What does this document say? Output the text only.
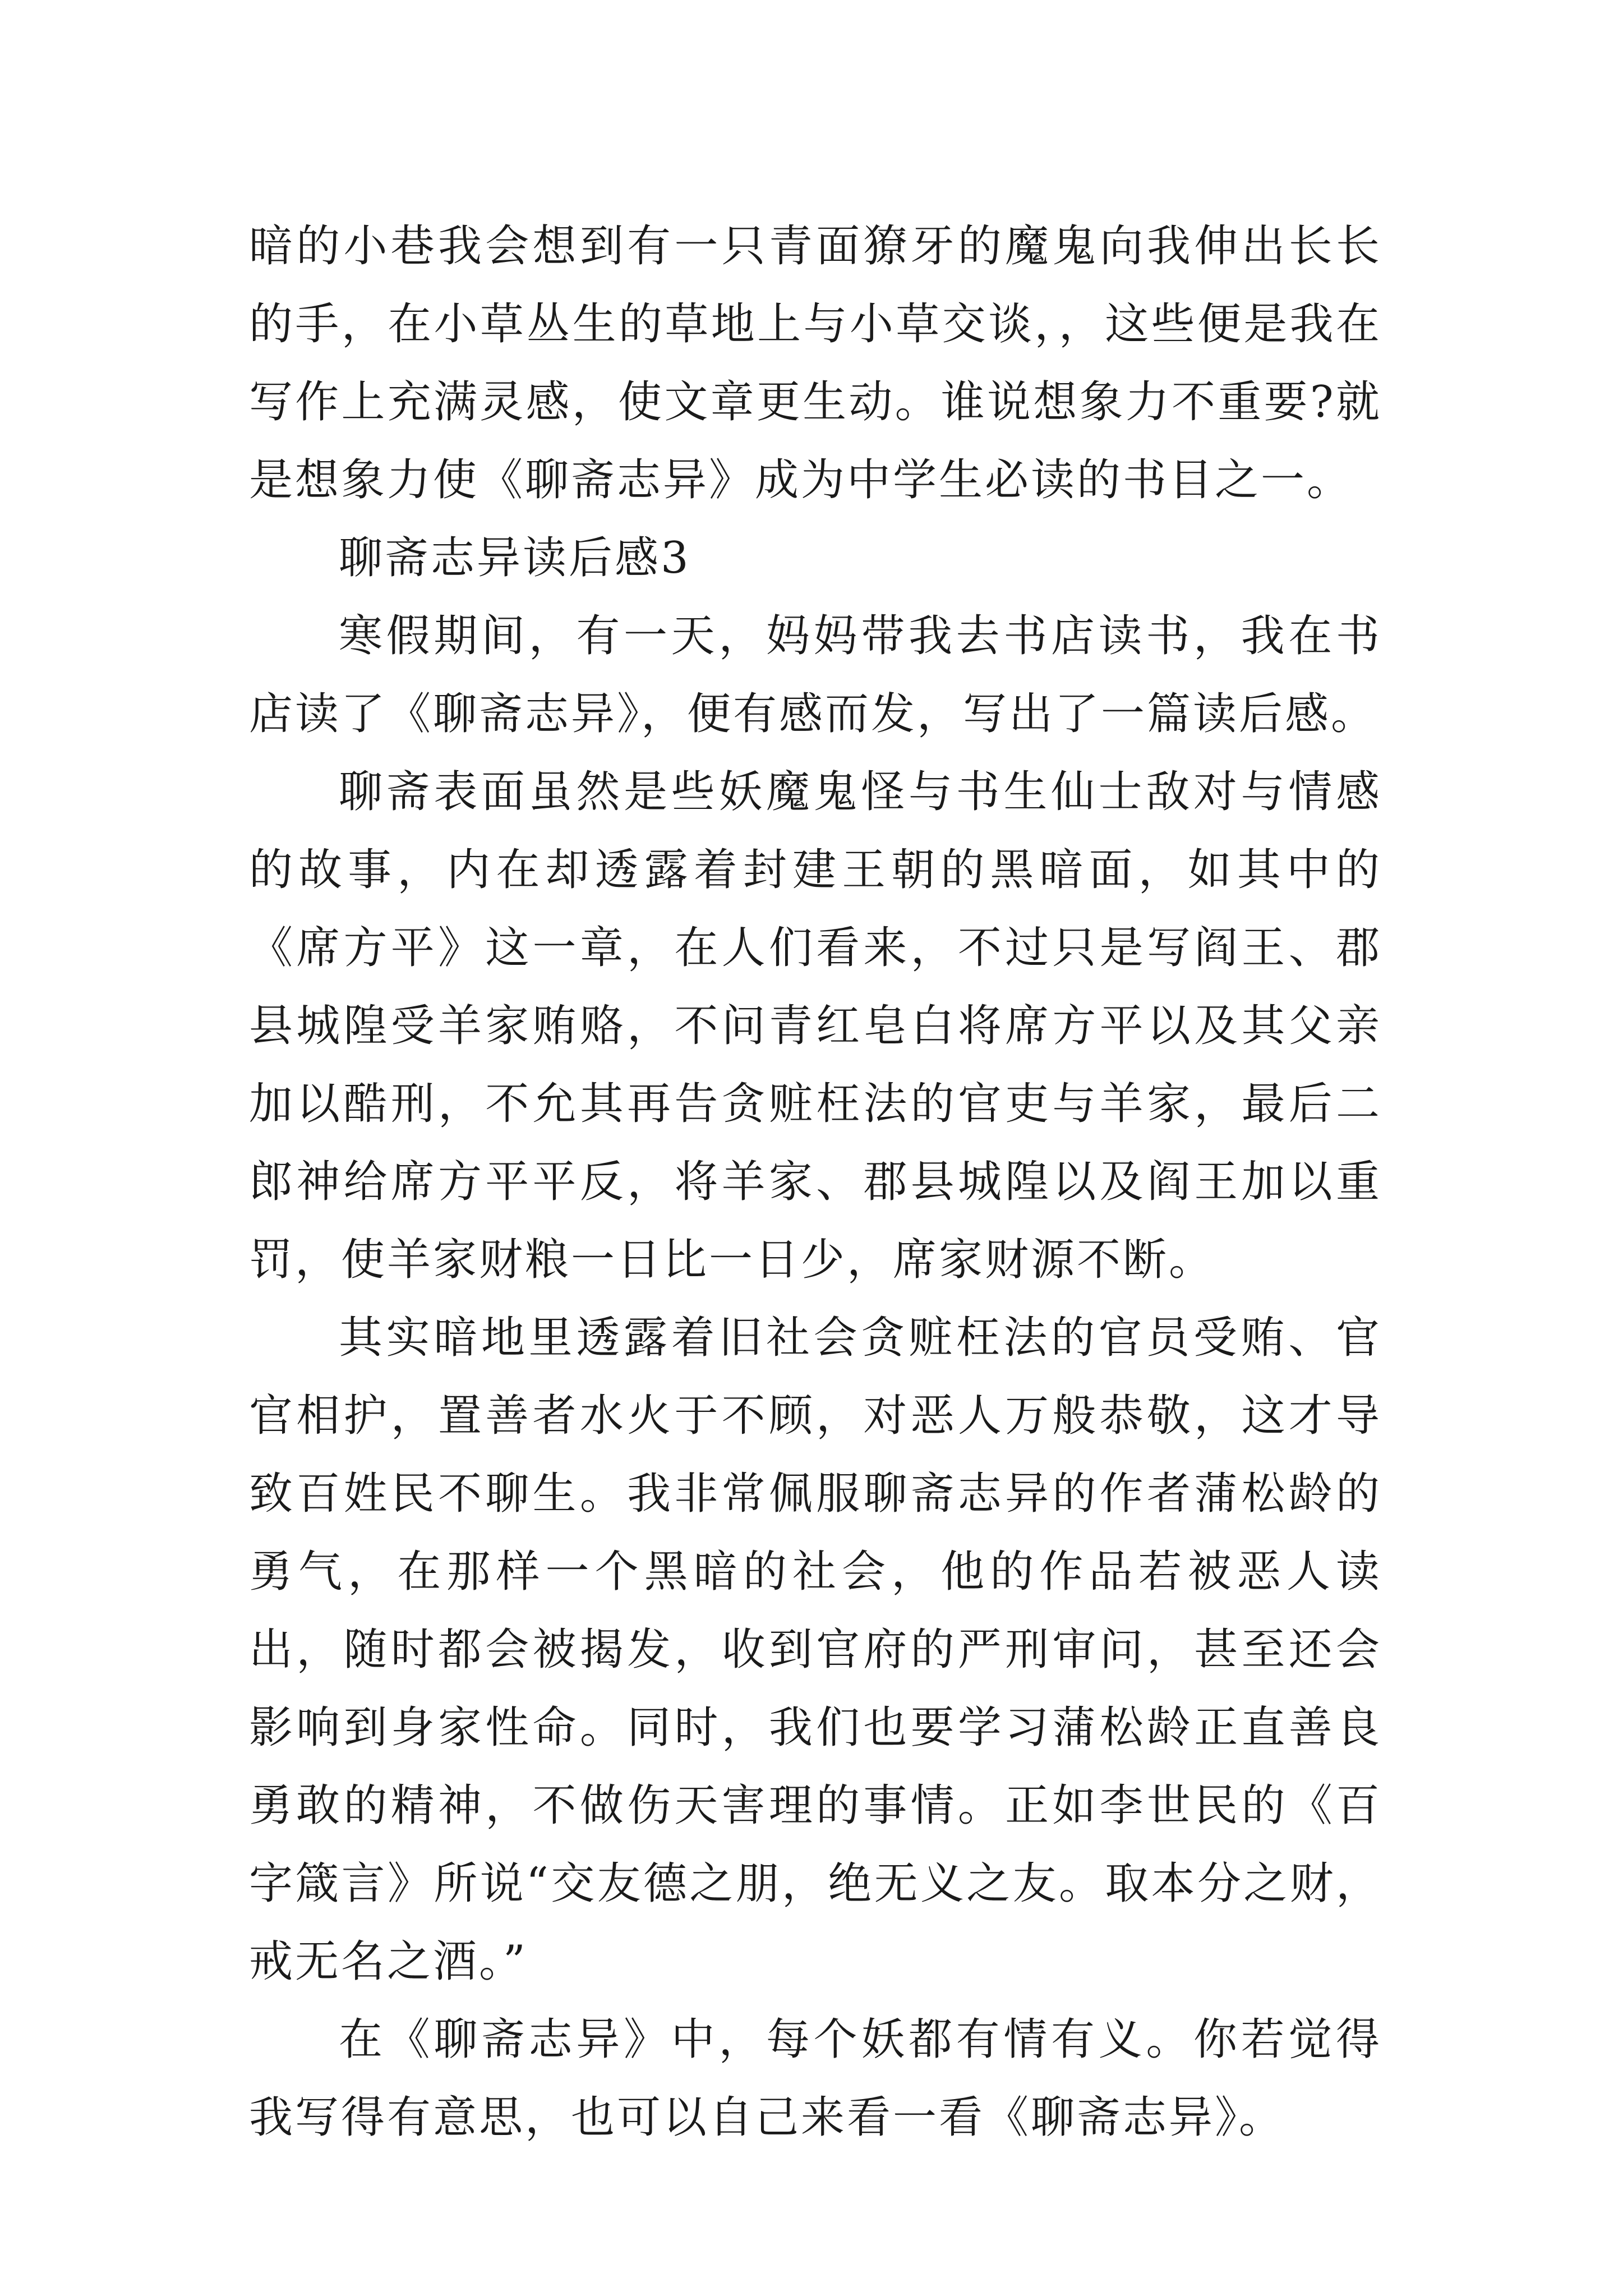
暗的小巷我会想到有一只青面獠牙的魔鬼向我伸出长长的手，在小草丛生的草地上与小草交谈，，这些便是我在写作上充满灵感，使文章更生动。谁说想象力不重要?就是想象力使《聊斋志异》成为中学生必读的书目之一。

聊斋志异读后感3

寒假期间，有一天，妈妈带我去书店读书，我在书店读了《聊斋志异》，便有感而发，写出了一篇读后感。

聊斋表面虽然是些妖魔鬼怪与书生仙士敌对与情感的故事，内在却透露着封建王朝的黑暗面，如其中的《席方平》这一章，在人们看来，不过只是写阎王、郡县城隍受羊家贿赂，不问青红皂白将席方平以及其父亲加以酷刑，不允其再告贪赃枉法的官吏与羊家，最后二郎神给席方平平反，将羊家、郡县城隍以及阎王加以重罚，使羊家财粮一日比一日少，席家财源不断。

其实暗地里透露着旧社会贪赃枉法的官员受贿、官官相护，置善者水火于不顾，对恶人万般恭敬，这才导致百姓民不聊生。我非常佩服聊斋志异的作者蒲松龄的勇气，在那样一个黑暗的社会，他的作品若被恶人读出，随时都会被揭发，收到官府的严刑审问，甚至还会影响到身家性命。同时，我们也要学习蒲松龄正直善良勇敢的精神，不做伤天害理的事情。正如李世民的《百字箴言》所说“交友德之朋，绝无义之友。取本分之财，戒无名之酒。”

在《聊斋志异》中，每个妖都有情有义。你若觉得我写得有意思，也可以自己来看一看《聊斋志异》。
